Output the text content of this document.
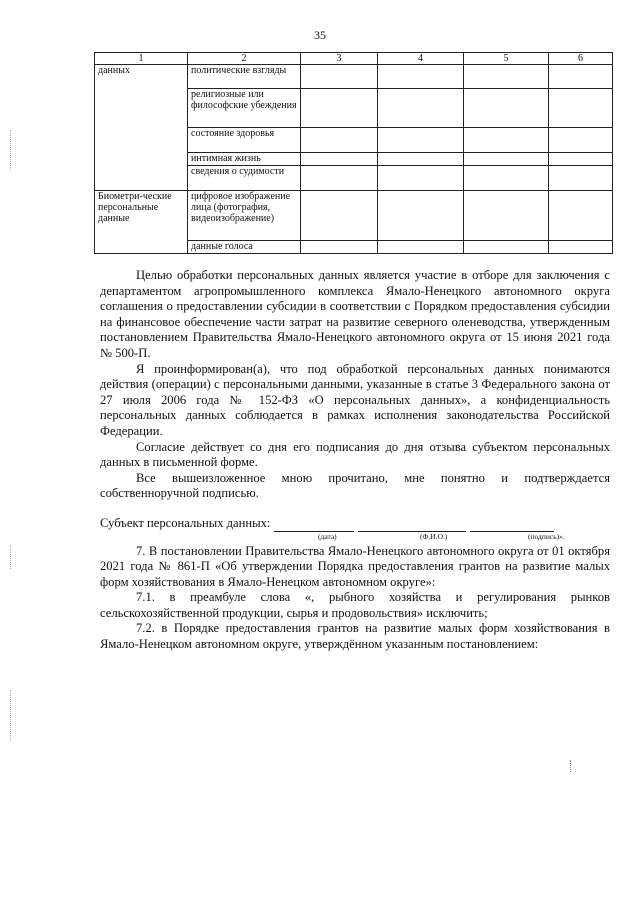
35
1	2	3	4	5	6
данных	политические взгляды				
	религиозные или философские убеждения				
	состояние здоровья				
	интимная жизнь				
	сведения о судимости				
Биометри-ческие персональные данные	цифровое изображение лица (фотография, видеоизображение)				
	данные голоса				

Целью обработки персональных данных является участие в отборе для заключения с департаментом агропромышленного комплекса Ямало-Ненецкого автономного округа соглашения о предоставлении субсидии в соответствии с Порядком предоставления субсидии на финансовое обеспечение части затрат на развитие северного оленеводства, утвержденным постановлением Правительства Ямало-Ненецкого автономного округа от 15 июня 2021 года № 500-П.

Я проинформирован(а), что под обработкой персональных данных понимаются действия (операции) с персональными данными, указанные в статье 3 Федерального закона от 27 июля 2006 года № 152-ФЗ «О персональных данных», а конфиденциальность персональных данных соблюдается в рамках исполнения законодательства Российской Федерации.

Согласие действует со дня его подписания до дня отзыва субъектом персональных данных в письменной форме.

Все вышеизложенное мною прочитано, мне понятно и подтверждается собственноручной подписью.

Субъект персональных данных:
(дата)	(Ф.И.О.)	(подпись)».

7. В постановлении Правительства Ямало-Ненецкого автономного округа от 01 октября 2021 года № 861-П «Об утверждении Порядка предоставления грантов на развитие малых форм хозяйствования в Ямало-Ненецком автономном округе»:

7.1. в преамбуле слова «, рыбного хозяйства и регулирования рынков сельскохозяйственной продукции, сырья и продовольствия» исключить;

7.2. в Порядке предоставления грантов на развитие малых форм хозяйствования в Ямало-Ненецком автономном округе, утверждённом указанным постановлением:
